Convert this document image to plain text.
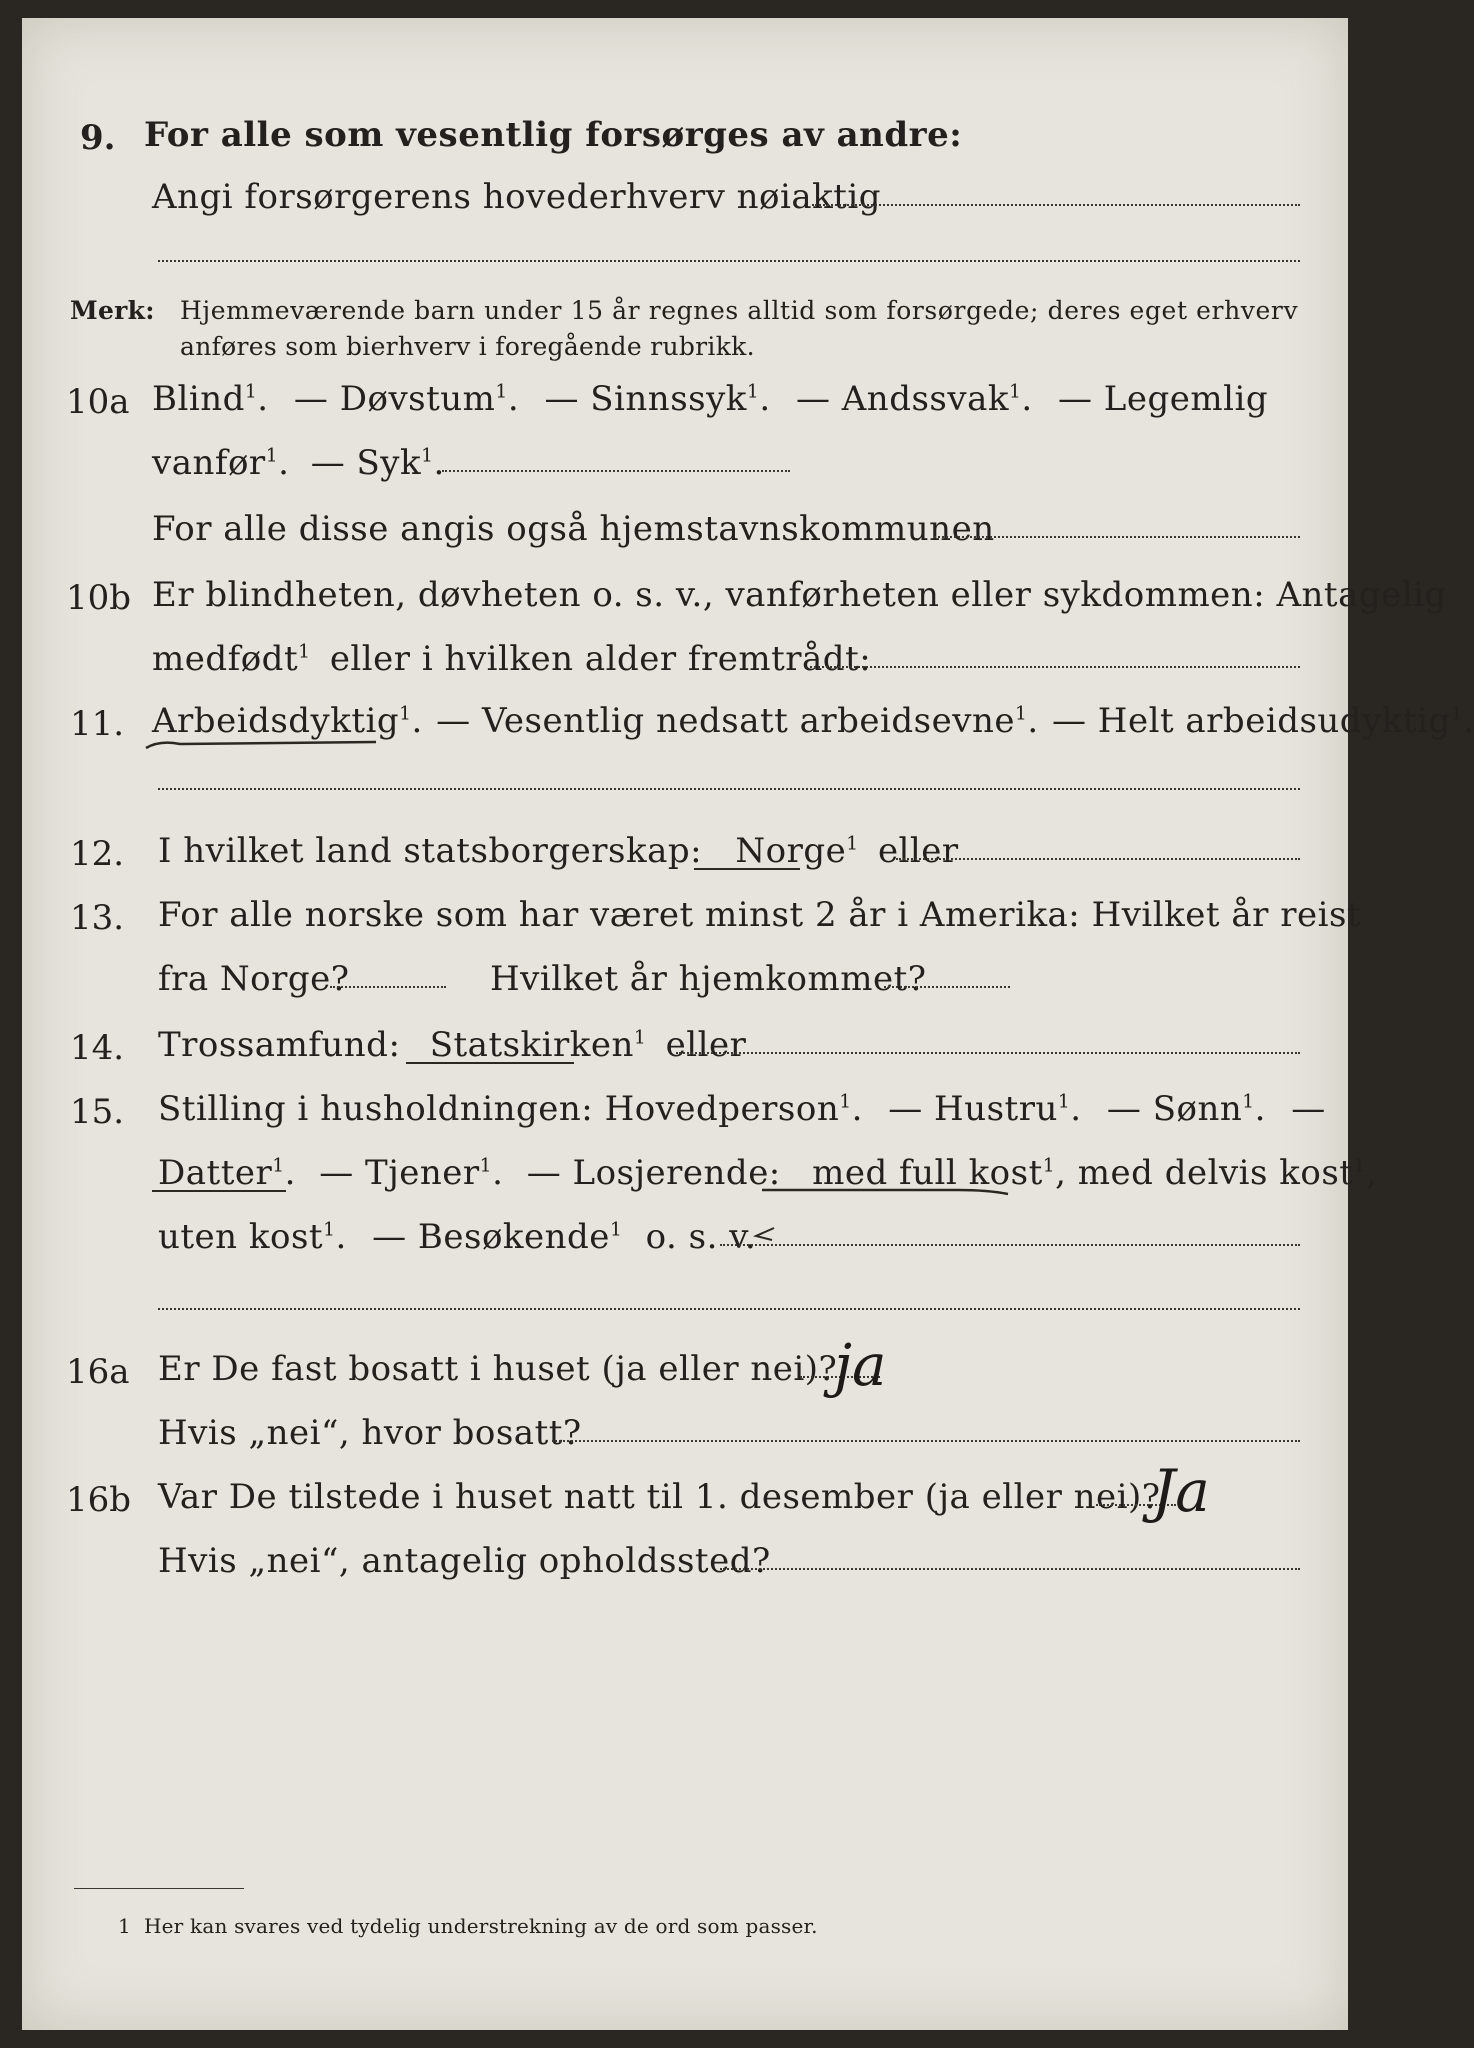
9. For alle som vesentlig forsørges av andre:
Angi forsørgerens hovederhverv nøiaktig
Merk: Hjemmeværende barn under 15 år regnes alltid som forsørgede; deres eget erhverv
anføres som bierhverv i foregående rubrikk.
10a Blind$^1$. — Døvstum$^1$. — Sinnssyk$^1$. — Andssvak$^1$. — Legemlig
vanfør$^1$. — Syk$^1$.
For alle disse angis også hjemstavnskommunen
10b Er blindheten, døvheten o. s. v., vanførheten eller sykdommen: Antagelig
medfødt$^1$ eller i hvilken alder fremtrådt:
11. Arbeidsdyktig$^1$. — Vesentlig nedsatt arbeidsevne$^1$. — Helt arbeidsudyktig$^1$.
12. I hvilket land statsborgerskap: Norge$^1$ eller
13. For alle norske som har været minst 2 år i Amerika: Hvilket år reist
fra Norge?	Hvilket år hjemkommet?
14. Trossamfund: Statskirken$^1$ eller
15. Stilling i husholdningen: Hovedperson$^1$. — Hustru$^1$. — Sønn$^1$. —
Datter$^1$. — Tjener$^1$. — Losjerende: med full kost$^1$, med delvis kost$^1$,
uten kost$^1$. — Besøkende$^1$ o. s. v.
16a Er De fast bosatt i huset (ja eller nei)?
ja
Hvis „nei“, hvor bosatt?
16b Var De tilstede i huset natt til 1. desember (ja eller nei)?
Ja
Hvis „nei“, antagelig opholdssted?
1 Her kan svares ved tydelig understrekning av de ord som passer.
